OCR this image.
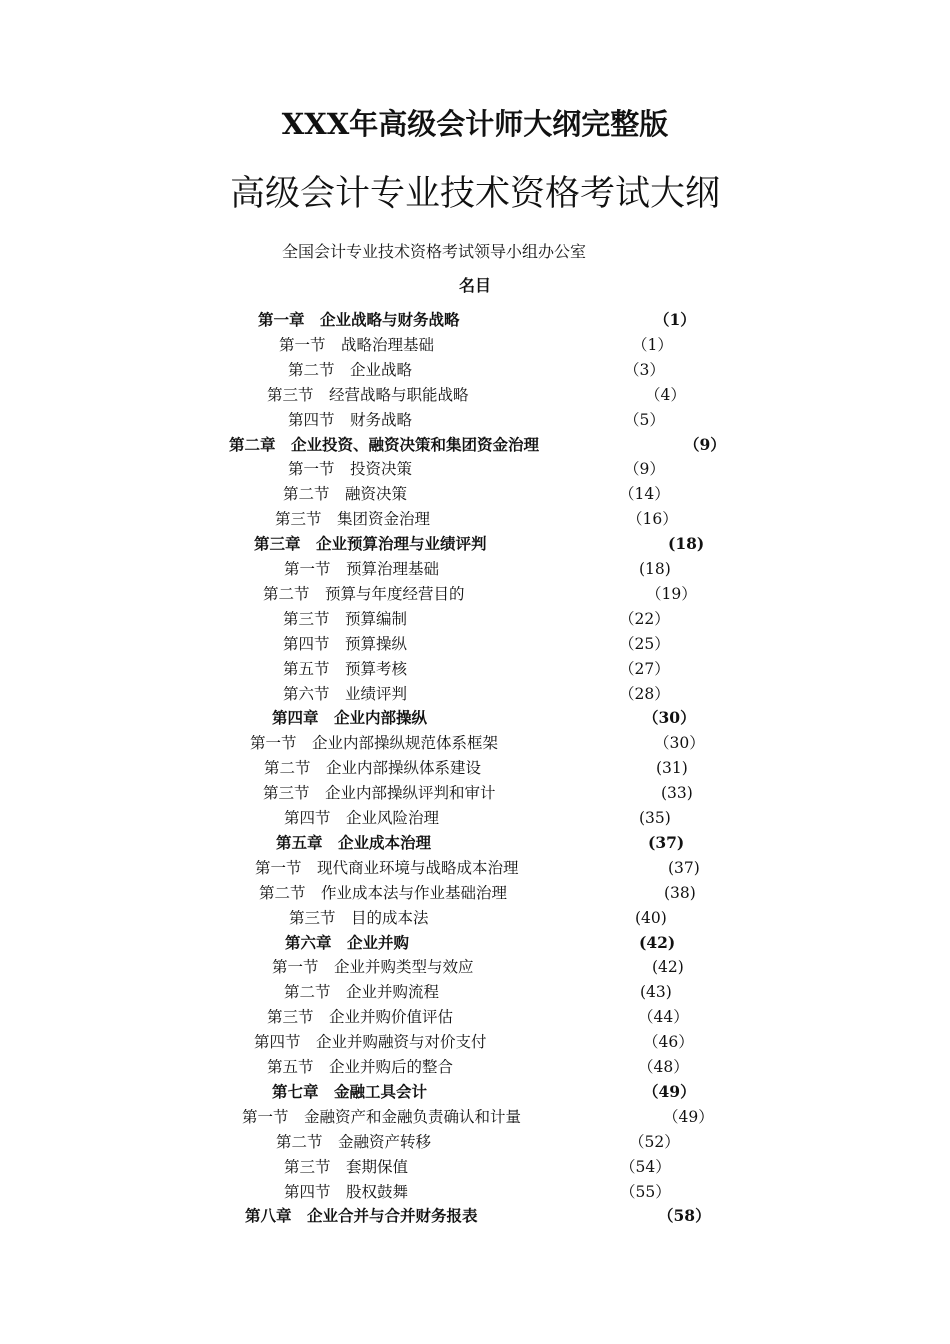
XXX年高级会计师大纲完整版
高级会计专业技术资格考试大纲
全国会计专业技术资格考试领导小组办公室
名目
第一章　企业战略与财务战略	（1）
第一节　战略治理基础	（1）
第二节　企业战略	（3）
第三节　经营战略与职能战略	（4）
第四节　财务战略	（5）
第二章　企业投资、融资决策和集团资金治理	（9）
第一节　投资决策	（9）
第二节　融资决策	（14）
第三节　集团资金治理	（16）
第三章　企业预算治理与业绩评判	(18)
第一节　预算治理基础	(18)
第二节　预算与年度经营目的	（19）
第三节　预算编制	（22）
第四节　预算操纵	（25）
第五节　预算考核	（27）
第六节　业绩评判	（28）
第四章　企业内部操纵	（30）
第一节　企业内部操纵规范体系框架	（30）
第二节　企业内部操纵体系建设	(31)
第三节　企业内部操纵评判和审计	(33)
第四节　企业风险治理	(35)
第五章　企业成本治理	(37)
第一节　现代商业环境与战略成本治理	(37)
第二节　作业成本法与作业基础治理	(38)
第三节　目的成本法	(40)
第六章　企业并购	(42)
第一节　企业并购类型与效应	(42)
第二节　企业并购流程	(43)
第三节　企业并购价值评估	（44）
第四节　企业并购融资与对价支付	（46）
第五节　企业并购后的整合	（48）
第七章　金融工具会计	（49）
第一节　金融资产和金融负责确认和计量	（49）
第二节　金融资产转移	（52）
第三节　套期保值	（54）
第四节　股权鼓舞	（55）
第八章　企业合并与合并财务报表	（58）
